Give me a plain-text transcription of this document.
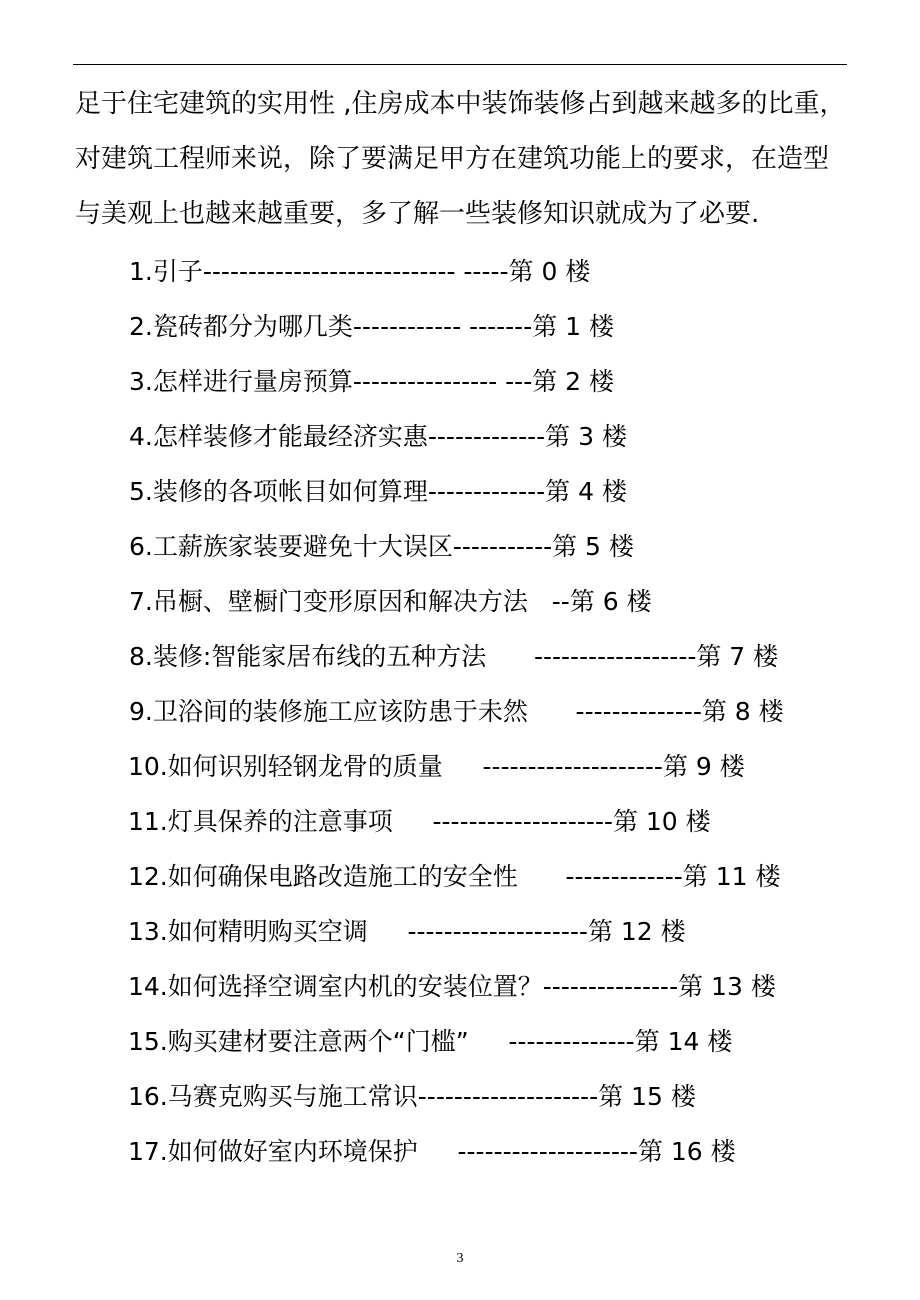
足于住宅建筑的实用性 ,住房成本中装饰装修占到越来越多的比重，
对建筑工程师来说，除了要满足甲方在建筑功能上的要求，在造型
与美观上也越来越重要，多了解一些装修知识就成为了必要.
1.引子---------------------------- -----第 0 楼
2.瓷砖都分为哪几类------------ -------第 1 楼
3.怎样进行量房预算---------------- ---第 2 楼
4.怎样装修才能最经济实惠-------------第 3 楼
5.装修的各项帐目如何算理-------------第 4 楼
6.工薪族家装要避免十大误区-----------第 5 楼
7.吊橱、壁橱门变形原因和解决方法   --第 6 楼
8.装修:智能家居布线的五种方法      ------------------第 7 楼
9.卫浴间的装修施工应该防患于未然      --------------第 8 楼
10.如何识别轻钢龙骨的质量     --------------------第 9 楼
11.灯具保养的注意事项     --------------------第 10 楼
12.如何确保电路改造施工的安全性      -------------第 11 楼
13.如何精明购买空调     --------------------第 12 楼
14.如何选择空调室内机的安装位置？---------------第 13 楼
15.购买建材要注意两个“门槛”     --------------第 14 楼
16.马赛克购买与施工常识--------------------第 15 楼
17.如何做好室内环境保护     --------------------第 16 楼
3
